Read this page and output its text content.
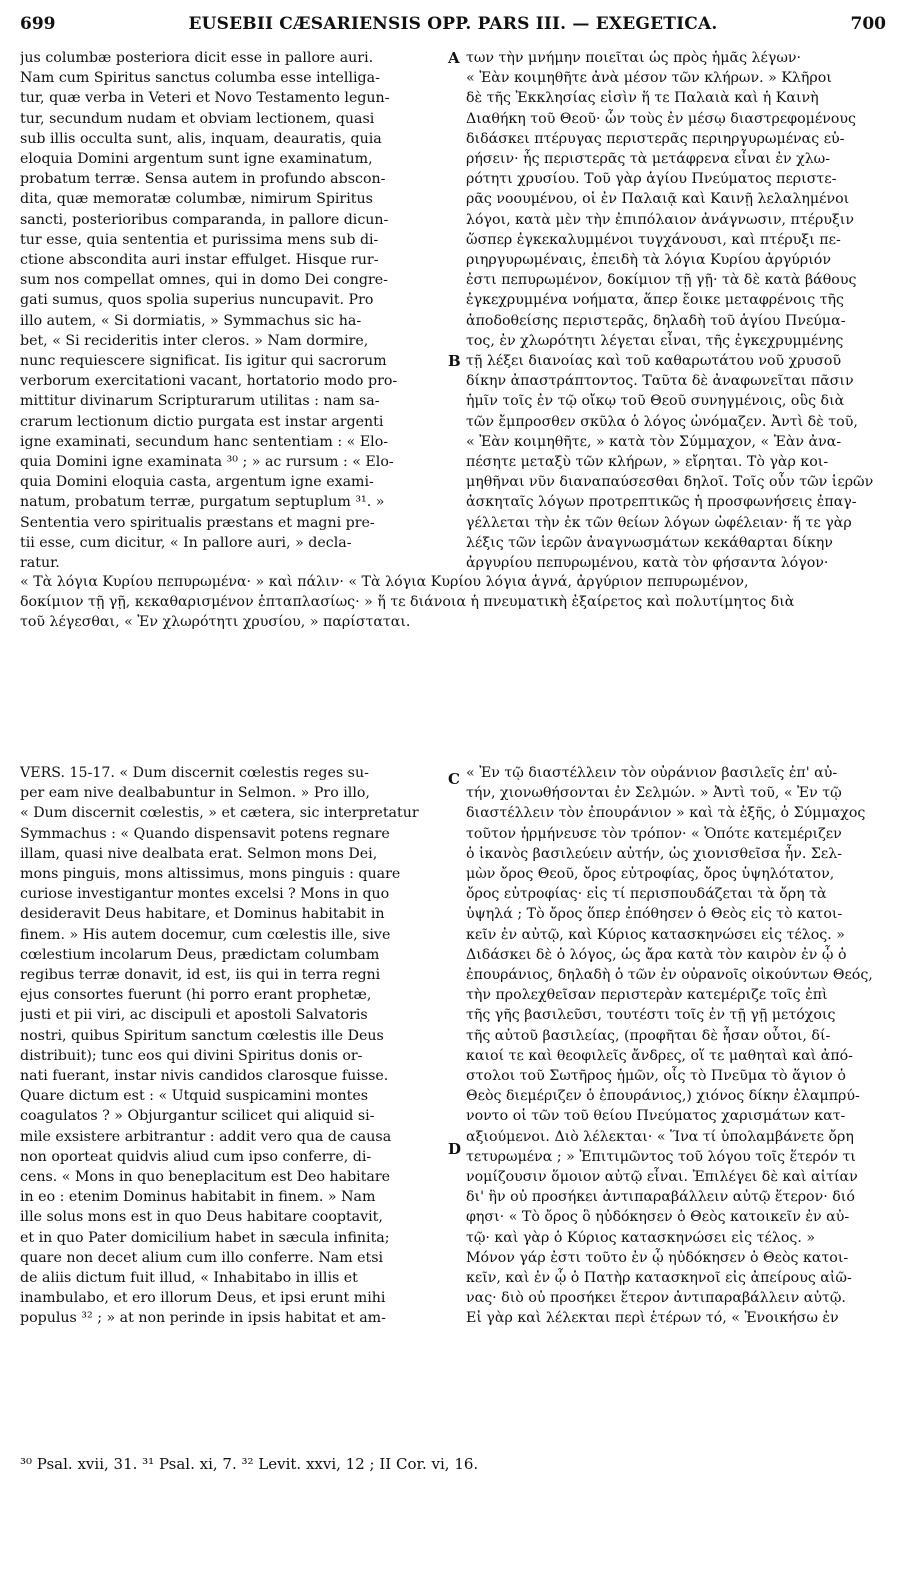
699	EUSEBII CÆSARIENSIS OPP. PARS III. — EXEGETICA.	700
A
B
C
D
jus columbæ posteriora dicit esse in pallore auri.
Nam cum Spiritus sanctus columba esse intelliga-
tur, quæ verba in Veteri et Novo Testamento legun-
tur, secundum nudam et obviam lectionem, quasi
sub illis occulta sunt, alis, inquam, deauratis, quia
eloquia Domini argentum sunt igne examinatum,
probatum terræ. Sensa autem in profundo abscon-
dita, quæ memoratæ columbæ, nimirum Spiritus
sancti, posterioribus comparanda, in pallore dicun-
tur esse, quia sententia et purissima mens sub di-
ctione abscondita auri instar effulget. Hisque rur-
sum nos compellat omnes, qui in domo Dei congre-
gati sumus, quos spolia superius nuncupavit. Pro
illo autem, « Si dormiatis, » Symmachus sic ha-
bet, « Si recideritis inter cleros. » Nam dormire,
nunc requiescere significat. Iis igitur qui sacrorum
verborum exercitationi vacant, hortatorio modo pro-
mittitur divinarum Scripturarum utilitas : nam sa-
crarum lectionum dictio purgata est instar argenti
igne examinati, secundum hanc sententiam : « Elo-
quia Domini igne examinata ³⁰ ; » ac rursum : « Elo-
quia Domini eloquia casta, argentum igne exami-
natum, probatum terræ, purgatum septuplum ³¹. »
Sententia vero spiritualis præstans et magni pre-
tii esse, cum dicitur, « In pallore auri, » decla-
ratur.
των τὴν μνήμην ποιεῖται ὡς πρὸς ἡμᾶς λέγων·
« Ἐὰν κοιμηθῆτε ἀνὰ μέσον τῶν κλήρων. » Κλῆροι
δὲ τῆς Ἐκκλησίας εἰσὶν ἥ τε Παλαιὰ καὶ ἡ Καινὴ
Διαθήκη τοῦ Θεοῦ· ὧν τοὺς ἐν μέσῳ διαστρεφομένους
διδάσκει πτέρυγας περιστερᾶς περιηργυρωμένας εὑ-
ρήσειν· ἧς περιστερᾶς τὰ μετάφρενα εἶναι ἐν χλω-
ρότητι χρυσίου. Τοῦ γὰρ ἁγίου Πνεύματος περιστε-
ρᾶς νοουμένου, οἱ ἐν Παλαιᾷ καὶ Καινῇ λελαλημένοι
λόγοι, κατὰ μὲν τὴν ἐπιπόλαιον ἀνάγνωσιν, πτέρυξιν
ὥσπερ ἐγκεκαλυμμένοι τυγχάνουσι, καὶ πτέρυξι πε-
ριηργυρωμέναις, ἐπειδὴ τὰ λόγια Κυρίου ἀργύριόν
ἐστι πεπυρωμένον, δοκίμιον τῇ γῇ· τὰ δὲ κατὰ βάθους
ἐγκεχρυμμένα νοήματα, ἅπερ ἔοικε μεταφρένοις τῆς
ἀποδοθείσης περιστερᾶς, δηλαδὴ τοῦ ἁγίου Πνεύμα-
τος, ἐν χλωρότητι λέγεται εἶναι, τῆς ἐγκεχρυμμένης
τῇ λέξει διανοίας καὶ τοῦ καθαρωτάτου νοῦ χρυσοῦ
δίκην ἀπαστράπτοντος. Ταῦτα δὲ ἀναφωνεῖται πᾶσιν
ἡμῖν τοῖς ἐν τῷ οἴκῳ τοῦ Θεοῦ συνηγμένοις, οὓς διὰ
τῶν ἔμπροσθεν σκῦλα ὁ λόγος ὠνόμαζεν. Ἀντὶ δὲ τοῦ,
« Ἐὰν κοιμηθῆτε, » κατὰ τὸν Σύμμαχον, « Ἐὰν ἀνα-
πέσητε μεταξὺ τῶν κλήρων, » εἴρηται. Τὸ γὰρ κοι-
μηθῆναι νῦν διαναπαύσεσθαι δηλοῖ. Τοῖς οὖν τῶν ἱερῶν
ἀσκηταῖς λόγων προτρεπτικῶς ἡ προσφωνήσεις ἐπαγ-
γέλλεται τὴν ἐκ τῶν θείων λόγων ὠφέλειαν· ἥ τε γὰρ
λέξις τῶν ἱερῶν ἀναγνωσμάτων κεκάθαρται δίκην
ἀργυρίου πεπυρωμένου, κατὰ τὸν φήσαντα λόγον·
« Τὰ λόγια Κυρίου πεπυρωμένα· » καὶ πάλιν· « Τὰ λόγια Κυρίου λόγια ἁγνά, ἀργύριον πεπυρωμένον,
δοκίμιον τῇ γῇ, κεκαθαρισμένον ἑπταπλασίως· » ἥ τε διάνοια ἡ πνευματικὴ ἐξαίρετος καὶ πολυτίμητος διὰ
τοῦ λέγεσθαι, « Ἐν χλωρότητι χρυσίου, » παρίσταται.
VERS. 15-17. « Dum discernit cœlestis reges su-
per eam nive dealbabuntur in Selmon. » Pro illo,
« Dum discernit cœlestis, » et cætera, sic interpretatur
Symmachus : « Quando dispensavit potens regnare
illam, quasi nive dealbata erat. Selmon mons Dei,
mons pinguis, mons altissimus, mons pinguis : quare
curiose investigantur montes excelsi ? Mons in quo
desideravit Deus habitare, et Dominus habitabit in
finem. » His autem docemur, cum cœlestis ille, sive
cœlestium incolarum Deus, prædictam columbam
regibus terræ donavit, id est, iis qui in terra regni
ejus consortes fuerunt (hi porro erant prophetæ,
justi et pii viri, ac discipuli et apostoli Salvatoris
nostri, quibus Spiritum sanctum cœlestis ille Deus
distribuit); tunc eos qui divini Spiritus donis or-
nati fuerant, instar nivis candidos clarosque fuisse.
Quare dictum est : « Utquid suspicamini montes
coagulatos ? » Objurgantur scilicet qui aliquid si-
mile exsistere arbitrantur : addit vero qua de causa
non oporteat quidvis aliud cum ipso conferre, di-
cens. « Mons in quo beneplacitum est Deo habitare
in eo : etenim Dominus habitabit in finem. » Nam
ille solus mons est in quo Deus habitare cooptavit,
et in quo Pater domicilium habet in sæcula infinita;
quare non decet alium cum illo conferre. Nam etsi
de aliis dictum fuit illud, « Inhabitabo in illis et
inambulabo, et ero illorum Deus, et ipsi erunt mihi
populus ³² ; » at non perinde in ipsis habitat et am-
« Ἐν τῷ διαστέλλειν τὸν οὐράνιον βασιλεῖς ἐπ' αὐ-
τήν, χιονωθήσονται ἐν Σελμών. » Ἀντὶ τοῦ, « Ἐν τῷ
διαστέλλειν τὸν ἐπουράνιον » καὶ τὰ ἑξῆς, ὁ Σύμμαχος
τοῦτον ἡρμήνευσε τὸν τρόπον· « Ὁπότε κατεμέριζεν
ὁ ἱκανὸς βασιλεύειν αὐτήν, ὡς χιονισθεῖσα ἦν. Σελ-
μὼν ὄρος Θεοῦ, ὄρος εὐτροφίας, ὄρος ὑψηλότατον,
ὄρος εὐτροφίας· εἰς τί περισπουδάζεται τὰ ὄρη τὰ
ὑψηλά ; Τὸ ὄρος ὅπερ ἐπόθησεν ὁ Θεὸς εἰς τὸ κατοι-
κεῖν ἐν αὐτῷ, καὶ Κύριος κατασκηνώσει εἰς τέλος. »
Διδάσκει δὲ ὁ λόγος, ὡς ἄρα κατὰ τὸν καιρὸν ἐν ᾧ ὁ
ἐπουράνιος, δηλαδὴ ὁ τῶν ἐν οὐρανοῖς οἰκούντων Θεός,
τὴν προλεχθεῖσαν περιστερὰν κατεμέριζε τοῖς ἐπὶ
τῆς γῆς βασιλεῦσι, τουτέστι τοῖς ἐν τῇ γῇ μετόχοις
τῆς αὐτοῦ βασιλείας, (προφῆται δὲ ἦσαν οὗτοι, δί-
καιοί τε καὶ θεοφιλεῖς ἄνδρες, οἵ τε μαθηταὶ καὶ ἀπό-
στολοι τοῦ Σωτῆρος ἡμῶν, οἷς τὸ Πνεῦμα τὸ ἅγιον ὁ
Θεὸς διεμέριζεν ὁ ἐπουράνιος,) χιόνος δίκην ἐλαμπρύ-
νοντο οἱ τῶν τοῦ θείου Πνεύματος χαρισμάτων κατ-
αξιούμενοι. Διὸ λέλεκται· « Ἵνα τί ὑπολαμβάνετε ὄρη
τετυρωμένα ; » Ἐπιτιμῶντος τοῦ λόγου τοῖς ἕτερόν τι
νομίζουσιν ὅμοιον αὐτῷ εἶναι. Ἐπιλέγει δὲ καὶ αἰτίαν
δι' ἣν οὐ προσήκει ἀντιπαραβάλλειν αὐτῷ ἕτερον· διό
φησι· « Τὸ ὄρος ὃ ηὐδόκησεν ὁ Θεὸς κατοικεῖν ἐν αὐ-
τῷ· καὶ γὰρ ὁ Κύριος κατασκηνώσει εἰς τέλος. »
Μόνον γάρ ἐστι τοῦτο ἐν ᾧ ηὐδόκησεν ὁ Θεὸς κατοι-
κεῖν, καὶ ἐν ᾧ ὁ Πατὴρ κατασκηνοῖ εἰς ἀπείρους αἰῶ-
νας· διὸ οὐ προσήκει ἕτερον ἀντιπαραβάλλειν αὐτῷ.
Εἰ γὰρ καὶ λέλεκται περὶ ἑτέρων τό, « Ἐνοικήσω ἐν
³⁰ Psal. xvii, 31. ³¹ Psal. xi, 7. ³² Levit. xxvi, 12 ; II Cor. vi, 16.
